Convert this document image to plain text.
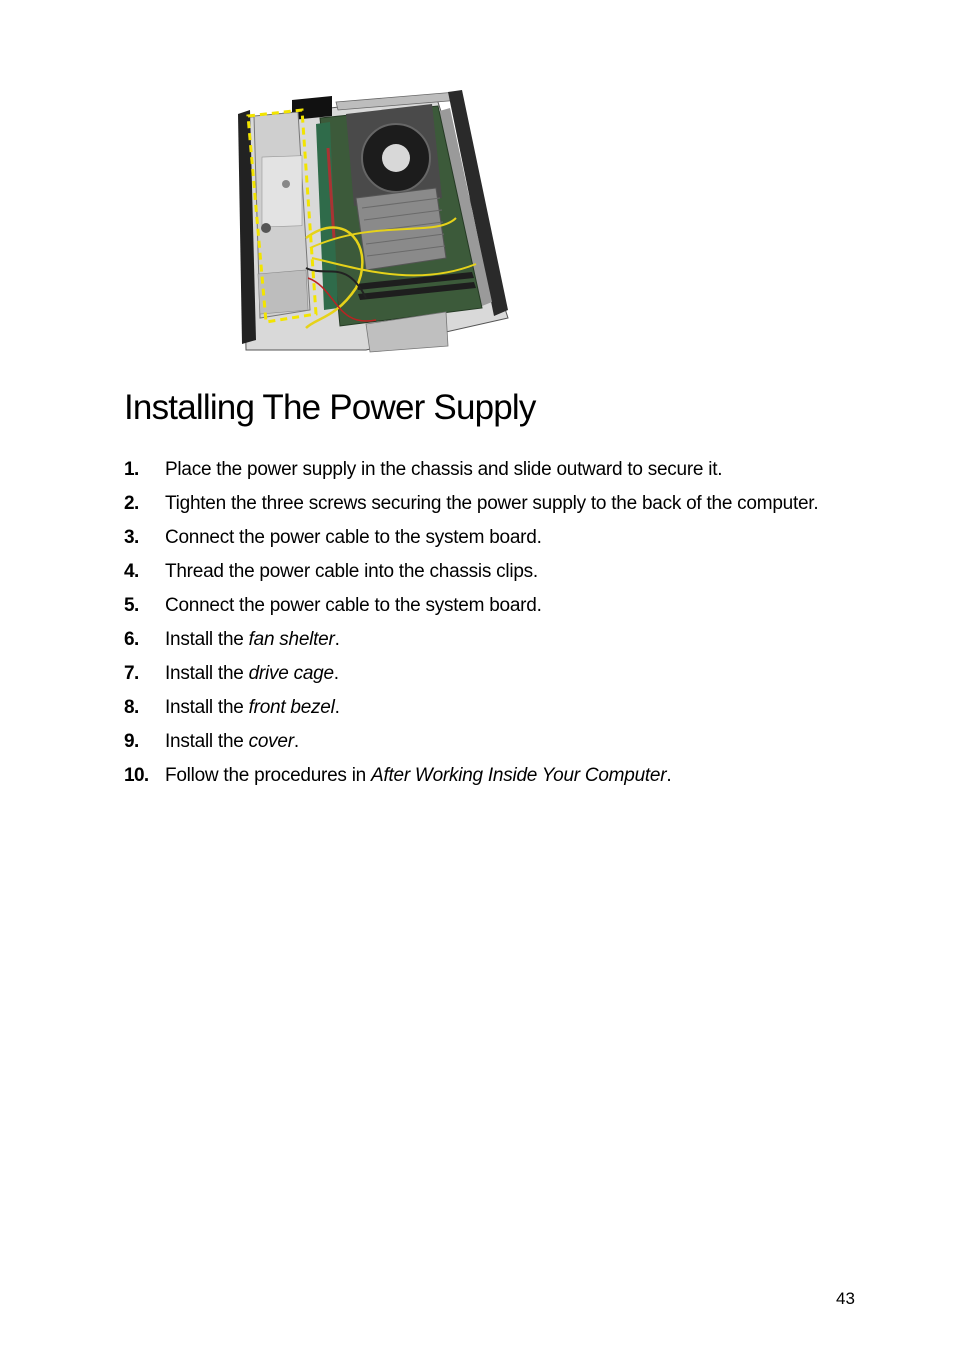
Installing The Power Supply
1. Place the power supply in the chassis and slide outward to secure it.
2. Tighten the three screws securing the power supply to the back of the computer.
3. Connect the power cable to the system board.
4. Thread the power cable into the chassis clips.
5. Connect the power cable to the system board.
6. Install the fan shelter.
7. Install the drive cage.
8. Install the front bezel.
9. Install the cover.
10. Follow the procedures in After Working Inside Your Computer.
43
